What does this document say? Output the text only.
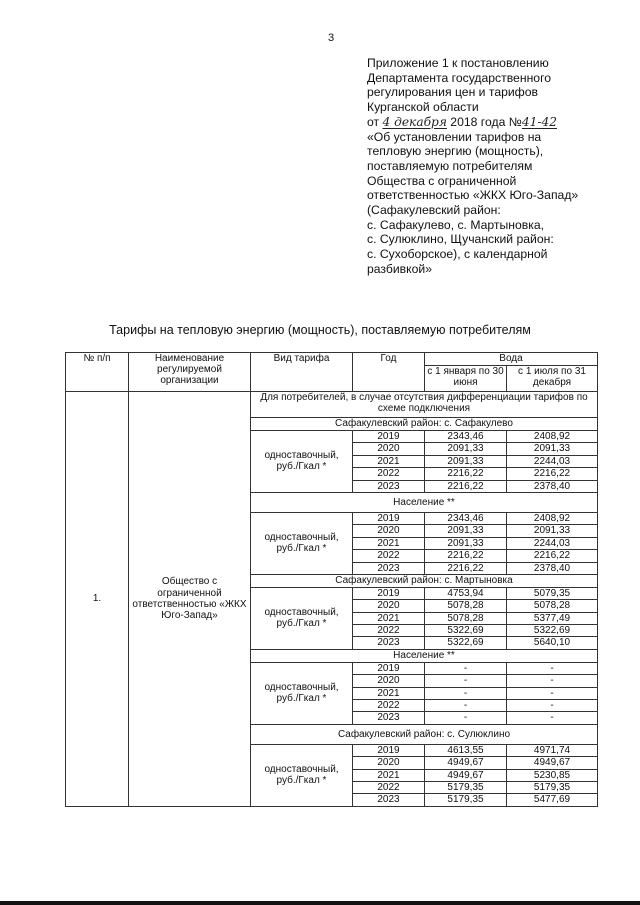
3
Приложение 1 к постановлению
Департамента государственного
регулирования цен и тарифов
Курганской области
от 4 декабря 2018 года №41-42
«Об установлении тарифов на
тепловую энергию (мощность),
поставляемую потребителям
Общества с ограниченной
ответственностью «ЖКХ Юго-Запад»
(Сафакулевский район:
с. Сафакулево, с. Мартыновка,
с. Сулюклино, Щучанский район:
с. Сухоборское), с календарной
разбивкой»
Тарифы на тепловую энергию (мощность), поставляемую потребителям
№ п/п	Наименование регулируемой организации	Вид тарифа	Год	Вода	
				с 1 января по 30 июня	с 1 июля по 31 декабря
1.	Общество с ограниченной ответственностью «ЖКХ Юго-Запад»	Для потребителей, в случае отсутствия дифференциации тарифов по схеме подключения			
		Сафакулевский район: с. Сафакулево			
		одноставочный, руб./Гкал *	2019	2343,46	2408,92
			2020	2091,33	2091,33
			2021	2091,33	2244,03
			2022	2216,22	2216,22
			2023	2216,22	2378,40
		Население **			
		одноставочный, руб./Гкал *	2019	2343,46	2408,92
			2020	2091,33	2091,33
			2021	2091,33	2244,03
			2022	2216,22	2216,22
			2023	2216,22	2378,40
		Сафакулевский район: с. Мартыновка			
		одноставочный, руб./Гкал *	2019	4753,94	5079,35
			2020	5078,28	5078,28
			2021	5078,28	5377,49
			2022	5322,69	5322,69
			2023	5322,69	5640,10
		Население **			
		одноставочный, руб./Гкал *	2019	-	-
			2020	-	-
			2021	-	-
			2022	-	-
			2023	-	-
		Сафакулевский район: с. Сулюклино			
		одноставочный, руб./Гкал *	2019	4613,55	4971,74
			2020	4949,67	4949,67
			2021	4949,67	5230,85
			2022	5179,35	5179,35
			2023	5179,35	5477,69
